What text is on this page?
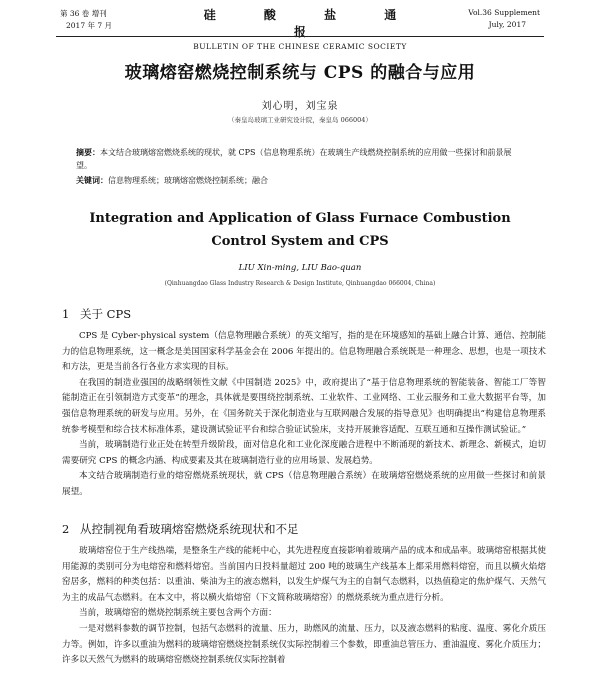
第 36 卷 增刊
2017 年 7 月
硅 酸 盐 通 报
BULLETIN OF THE CHINESE CERAMIC SOCIETY
Vol.36 Supplement
July, 2017
玻璃熔窑燃烧控制系统与 CPS 的融合与应用
刘心明，刘宝泉
（秦皇岛玻璃工业研究设计院，秦皇岛 066004）
摘要：本文结合玻璃熔窑燃烧系统的现状，就 CPS（信息物理系统）在玻璃生产线燃烧控制系统的应用做一些探讨和前景展望。
关键词：信息物理系统；玻璃熔窑燃烧控制系统；融合
Integration and Application of Glass Furnace Combustion
Control System and CPS
LIU Xin-ming, LIU Bao-quan
(Qinhuangdao Glass Industry Research & Design Institute, Qinhuangdao 066004, China)
1 关于 CPS

CPS 是 Cyber-physical system（信息物理融合系统）的英文缩写，指的是在环境感知的基础上融合计算、通信、控制能力的信息物理系统，这一概念是美国国家科学基金会在 2006 年提出的。信息物理融合系统既是一种理念、思想，也是一项技术和方法，更是当前各行各业方求实现的目标。

在我国的制造业强国的战略纲领性文献《中国制造 2025》中，政府提出了“基于信息物理系统的智能装备、智能工厂等智能制造正在引领制造方式变革”的理念，具体就是要围绕控制系统、工业软件、工业网络、工业云服务和工业大数据平台等，加强信息物理系统的研发与应用。另外，在《国务院关于深化制造业与互联网融合发展的指导意见》也明确提出“构建信息物理系统参考模型和综合技术标准体系，建设测试验证平台和综合验证试验床，支持开展兼容适配、互联互通和互操作测试验证。”

当前，玻璃制造行业正处在转型升级阶段，面对信息化和工业化深度融合进程中不断涌现的新技术、新理念、新模式，迫切需要研究 CPS 的概念内涵、构成要素及其在玻璃制造行业的应用场景、发展趋势。

本文结合玻璃制造行业的熔窑燃烧系统现状，就 CPS（信息物理融合系统）在玻璃熔窑燃烧系统的应用做一些探讨和前景展望。

2 从控制视角看玻璃熔窑燃烧系统现状和不足

玻璃熔窑位于生产线热端，是整条生产线的能耗中心，其先进程度直接影响着玻璃产品的成本和成品率。玻璃熔窑根据其使用能源的类别可分为电熔窑和燃料熔窑。当前国内日投料量超过 200 吨的玻璃生产线基本上都采用燃料熔窑，而且以横火焰熔窑居多，燃料的种类包括：以重油、柴油为主的液态燃料，以发生炉煤气为主的自制气态燃料，以热值稳定的焦炉煤气、天然气为主的成品气态燃料。在本文中，将以横火焰熔窑（下文简称玻璃熔窑）的燃烧系统为重点进行分析。

当前，玻璃熔窑的燃烧控制系统主要包含两个方面：

一是对燃料参数的调节控制，包括气态燃料的流量、压力，助燃风的流量、压力，以及液态燃料的粘度、温度、雾化介质压力等。例如，许多以重油为燃料的玻璃熔窑燃烧控制系统仅实际控制着三个参数，即重油总管压力、重油温度、雾化介质压力；许多以天然气为燃料的玻璃熔窑燃烧控制系统仅实际控制着
